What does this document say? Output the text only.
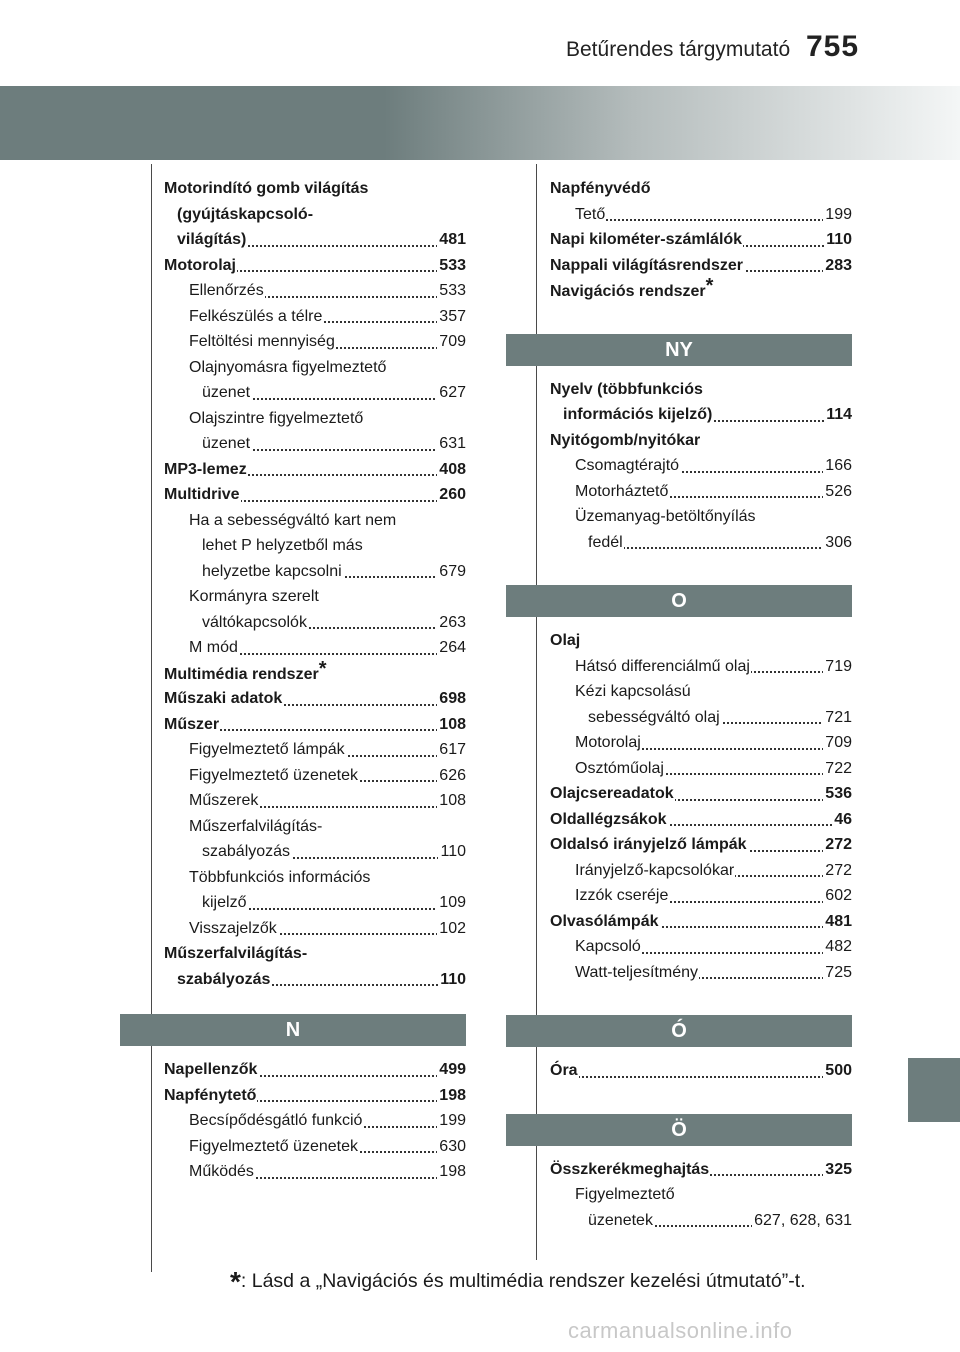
Betűrendes tárgymutató 755
Motorindító gomb világítás
(gyújtáskapcsoló-
világítás)	481
Motorolaj	533
Ellenőrzés	533
Felkészülés a télre	357
Feltöltési mennyiség	709
Olajnyomásra figyelmeztető
üzenet	627
Olajszintre figyelmeztető
üzenet	631
MP3-lemez	408
Multidrive	260
Ha a sebességváltó kart nem
lehet P helyzetből más
helyzetbe kapcsolni	679
Kormányra szerelt
váltókapcsolók	263
M mód	264
Multimédia rendszer*
Műszaki adatok	698
Műszer	108
Figyelmeztető lámpák	617
Figyelmeztető üzenetek	626
Műszerek	108
Műszerfalvilágítás-
szabályozás	110
Többfunkciós információs
kijelző	109
Visszajelzők	102
Műszerfalvilágítás-
szabályozás	110
N
Napellenzők	499
Napfénytető	198
Becsípődésgátló funkció	199
Figyelmeztető üzenetek	630
Működés	198
Napfényvédő
Tető	199
Napi kilométer-számlálók	110
Nappali világításrendszer	283
Navigációs rendszer*
NY
Nyelv (többfunkciós
információs kijelző)	114
Nyitógomb/nyitókar
Csomagtérajtó	166
Motorháztető	526
Üzemanyag-betöltőnyílás
fedél	306
O
Olaj
Hátsó differenciálmű olaj	719
Kézi kapcsolású
sebességváltó olaj	721
Motorolaj	709
Osztóműolaj	722
Olajcsereadatok	536
Oldallégzsákok	46
Oldalsó irányjelző lámpák	272
Irányjelző-kapcsolókar	272
Izzók cseréje	602
Olvasólámpák	481
Kapcsoló	482
Watt-teljesítmény	725
Ó
Óra	500
Ö
Összkerékmeghajtás	325
Figyelmeztető
üzenetek	627, 628, 631
*: Lásd a „Navigációs és multimédia rendszer kezelési útmutató”-t.
carmanualsonline.info
